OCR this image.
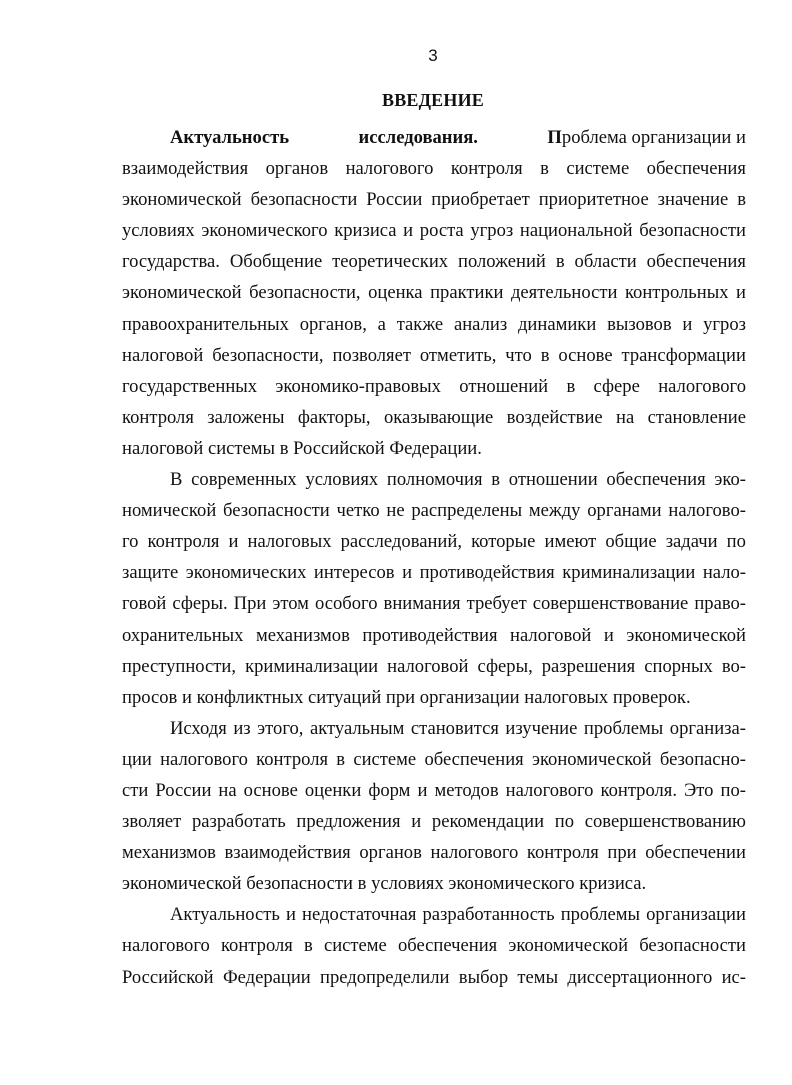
3
ВВЕДЕНИЕ
Актуальность	исследования.	Проблема организации и
взаимодействия органов налогового контроля в системе обеспечения
экономической безопасности России приобретает приоритетное значение в
условиях экономического кризиса и роста угроз национальной безопасности
государства. Обобщение теоретических положений в области обеспечения
экономической безопасности, оценка практики деятельности контрольных и
правоохранительных органов, а также анализ динамики вызовов и угроз
налоговой безопасности, позволяет отметить, что в основе трансформации
государственных экономико-правовых отношений в сфере налогового
контроля заложены факторы, оказывающие воздействие на становление
налоговой системы в Российской Федерации.
В современных условиях полномочия в отношении обеспечения эко-
номической безопасности четко не распределены между органами налогово-
го контроля и налоговых расследований, которые имеют общие задачи по
защите экономических интересов и противодействия криминализации нало-
говой сферы. При этом особого внимания требует совершенствование право-
охранительных механизмов противодействия налоговой и экономической
преступности, криминализации налоговой сферы, разрешения спорных во-
просов и конфликтных ситуаций при организации налоговых проверок.
Исходя из этого, актуальным становится изучение проблемы организа-
ции налогового контроля в системе обеспечения экономической безопасно-
сти России на основе оценки форм и методов налогового контроля. Это по-
зволяет разработать предложения и рекомендации по совершенствованию
механизмов взаимодействия органов налогового контроля при обеспечении
экономической безопасности в условиях экономического кризиса.
Актуальность и недостаточная разработанность проблемы организации
налогового контроля в системе обеспечения экономической безопасности
Российской Федерации предопределили выбор темы диссертационного ис-
